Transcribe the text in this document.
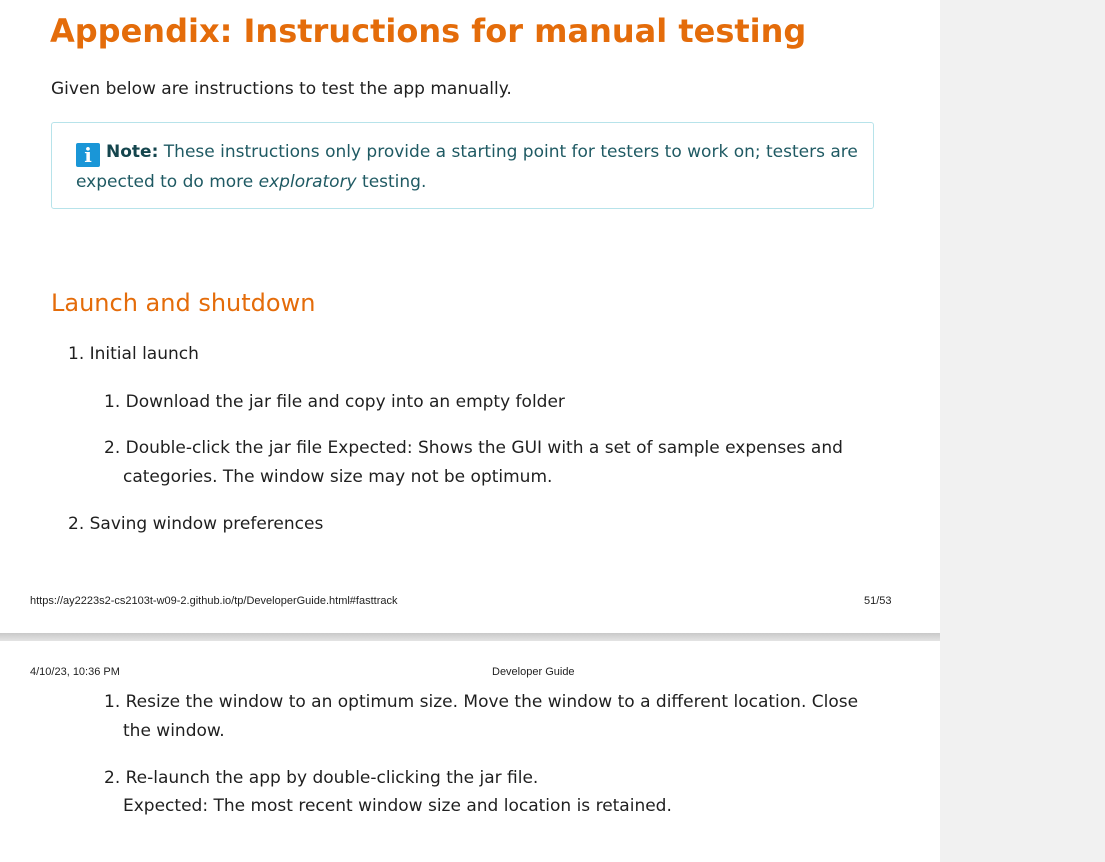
Appendix: Instructions for manual testing
Given below are instructions to test the app manually.
i Note: These instructions only provide a starting point for testers to work on; testers are
expected to do more exploratory testing.
Launch and shutdown
1. Initial launch
1. Download the jar file and copy into an empty folder
2. Double-click the jar file Expected: Shows the GUI with a set of sample expenses and
categories. The window size may not be optimum.
2. Saving window preferences
https://ay2223s2-cs2103t-w09-2.github.io/tp/DeveloperGuide.html#fasttrack	51/53
4/10/23, 10:36 PM	Developer Guide
1. Resize the window to an optimum size. Move the window to a different location. Close
the window.
2. Re-launch the app by double-clicking the jar file.
Expected: The most recent window size and location is retained.
